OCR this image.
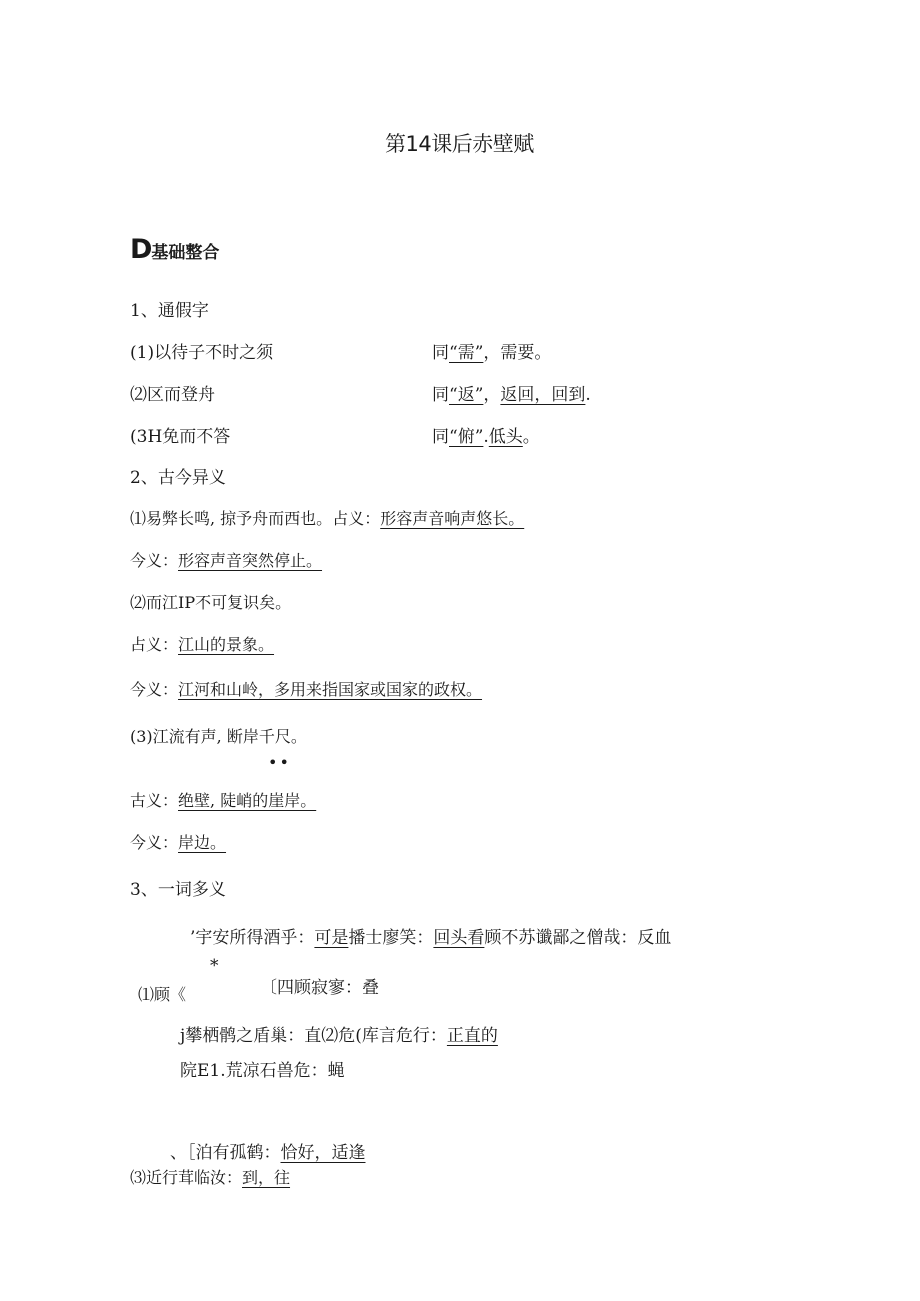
第14课后赤壁赋
D基础整合
1、通假字
(1)以待子不时之须	同“需”，需要。
⑵区而登舟	同“返”，返回，回到.
(3H免而不答	同“俯”.低头。
2、古今异义
⑴易弊长鸣, 掠予舟而西也。占义：形容声音响声悠长。
今义：形容声音突然停止。
⑵而江IP不可复识矣。
占义：江山的景象。
今义：江河和山岭，多用来指国家或国家的政权。
(3)江流有声, 断岸千尺。
••
古义：绝壁, 陡峭的崖岸。
今义：岸边。
3、一词多义
’宇安所得酒乎：可是播士廖笑：回头看顾不苏谶鄙之僧哉：反血
*
〔四顾寂寥：叠
⑴顾《
j攀栖鹘之盾巢：直⑵危(库言危行：正直的
院E1.荒凉石兽危：蝇
、［泊有孤鹤：恰好，适逢
⑶近行茸临汝：到，往
